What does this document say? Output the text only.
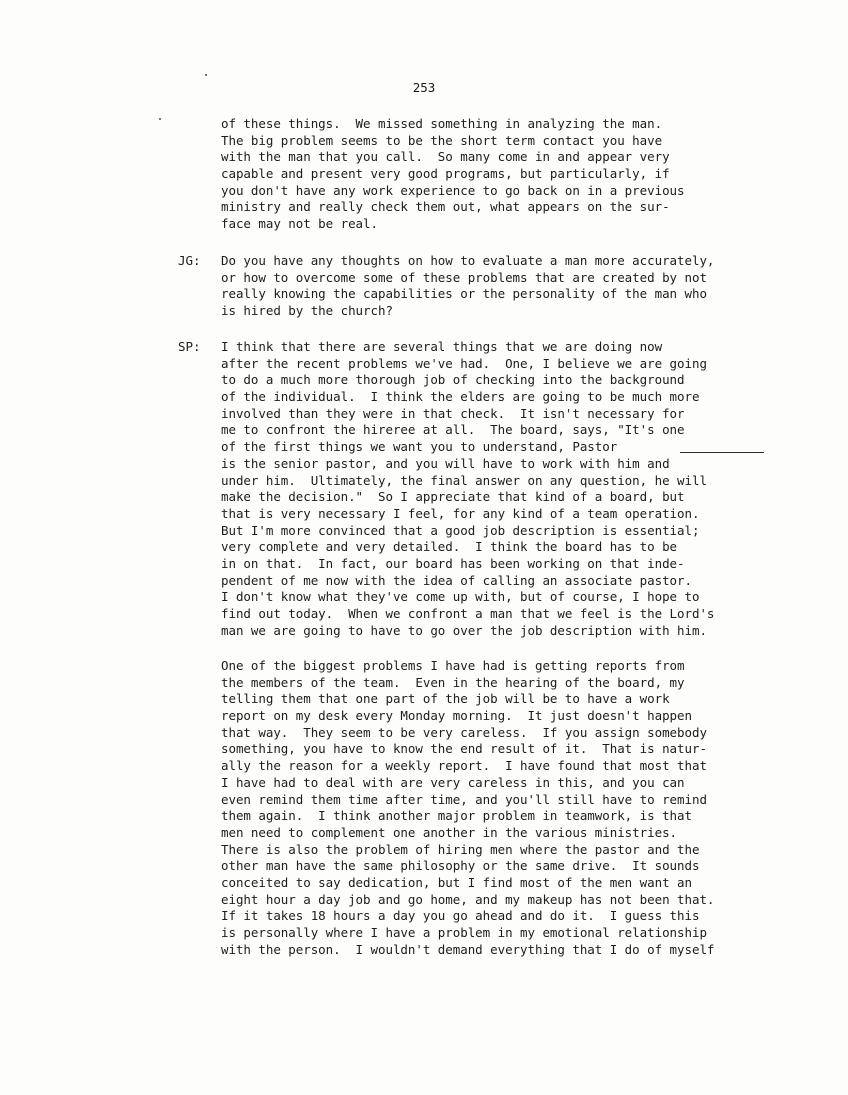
253
of these things.  We missed something in analyzing the man.
The big problem seems to be the short term contact you have
with the man that you call.  So many come in and appear very
capable and present very good programs, but particularly, if
you don't have any work experience to go back on in a previous
ministry and really check them out, what appears on the sur-
face may not be real.
JG: Do you have any thoughts on how to evaluate a man more accurately,
or how to overcome some of these problems that are created by not
really knowing the capabilities or the personality of the man who
is hired by the church?
SP: I think that there are several things that we are doing now
after the recent problems we've had.  One, I believe we are going
to do a much more thorough job of checking into the background
of the individual.  I think the elders are going to be much more
involved than they were in that check.  It isn't necessary for
me to confront the hireree at all.  The board, says, "It's one
of the first things we want you to understand, Pastor
is the senior pastor, and you will have to work with him and
under him.  Ultimately, the final answer on any question, he will
make the decision."  So I appreciate that kind of a board, but
that is very necessary I feel, for any kind of a team operation.
But I'm more convinced that a good job description is essential;
very complete and very detailed.  I think the board has to be
in on that.  In fact, our board has been working on that inde-
pendent of me now with the idea of calling an associate pastor.
I don't know what they've come up with, but of course, I hope to
find out today.  When we confront a man that we feel is the Lord's
man we are going to have to go over the job description with him.
One of the biggest problems I have had is getting reports from
the members of the team.  Even in the hearing of the board, my
telling them that one part of the job will be to have a work
report on my desk every Monday morning.  It just doesn't happen
that way.  They seem to be very careless.  If you assign somebody
something, you have to know the end result of it.  That is natur-
ally the reason for a weekly report.  I have found that most that
I have had to deal with are very careless in this, and you can
even remind them time after time, and you'll still have to remind
them again.  I think another major problem in teamwork, is that
men need to complement one another in the various ministries.
There is also the problem of hiring men where the pastor and the
other man have the same philosophy or the same drive.  It sounds
conceited to say dedication, but I find most of the men want an
eight hour a day job and go home, and my makeup has not been that.
If it takes 18 hours a day you go ahead and do it.  I guess this
is personally where I have a problem in my emotional relationship
with the person.  I wouldn't demand everything that I do of myself
